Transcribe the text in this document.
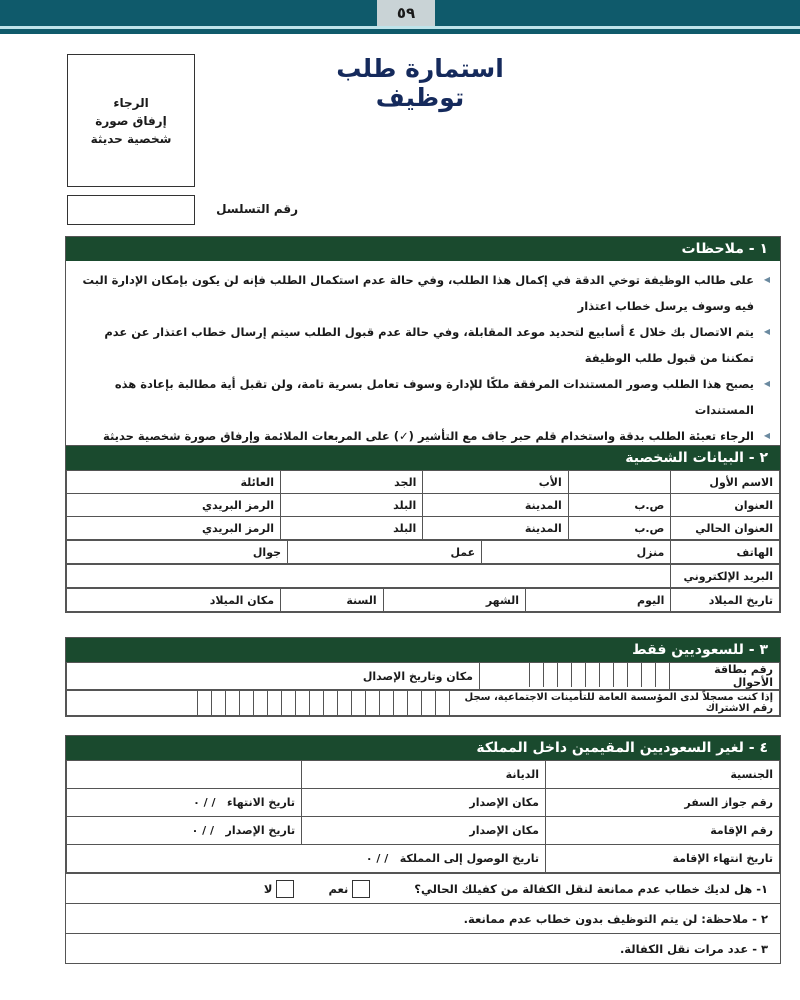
٥٩
استمارة طلب توظيف
الرجاء
إرفاق صورة
شخصية حديثة
رقم التسلسل
١ - ملاحظات
◀
على طالب الوظيفة توخي الدقة في إكمال هذا الطلب، وفي حالة عدم استكمال الطلب فإنه لن يكون بإمكان الإدارة البت فيه وسوف يرسل خطاب اعتذار
◀
يتم الاتصال بك خلال ٤ أسابيع لتحديد موعد المقابلة، وفي حالة عدم قبول الطلب سيتم إرسال خطاب اعتذار عن عدم تمكننا من قبول طلب الوظيفة
◀
يصبح هذا الطلب وصور المستندات المرفقة ملكًا للإدارة وسوف تعامل بسرية تامة، ولن تقبل أية مطالبة بإعادة هذه المستندات
◀
الرجاء تعبئة الطلب بدقة واستخدام قلم حبر جاف مع التأشير (✓) على المربعات الملائمة وإرفاق صورة شخصية حديثة
٢ - البيانات الشخصية
الاسم الأول		الأب	الجد	العائلة
العنوان	ص.ب	المدينة	البلد	الرمز البريدي
العنوان الحالي	ص.ب	المدينة	البلد	الرمز البريدي
الهاتف	منزل	عمل	جوال
البريد الإلكتروني	
تاريخ الميلاد	اليوم	الشهر	السنة	مكان الميلاد
٣ - للسعوديين فقط
رقم بطاقة الأحوال	
	مكان وتاريخ الإصدال
إذا كنت مسجلاً لدى المؤسسة العامة للتأمينات الاجتماعية، سجل رقم الاشتراك	
٤ - لغير السعوديين المقيمين داخل المملكة
الجنسية	الديانة	
رقم جواز السفر	مكان الإصدار	تاريخ الانتهاء   / / ٠
رقم الإقامة	مكان الإصدار	تاريخ الإصدار   / / ٠
تاريخ انتهاء الإقامة	تاريخ الوصول إلى المملكة   / / ٠	
١- هل لديك خطاب عدم ممانعة لنقل الكفالة من كفيلك الحالي؟
نعم
لا
٢ - ملاحظة: لن يتم التوظيف بدون خطاب عدم ممانعة.
٣ - عدد مرات نقل الكفالة.
